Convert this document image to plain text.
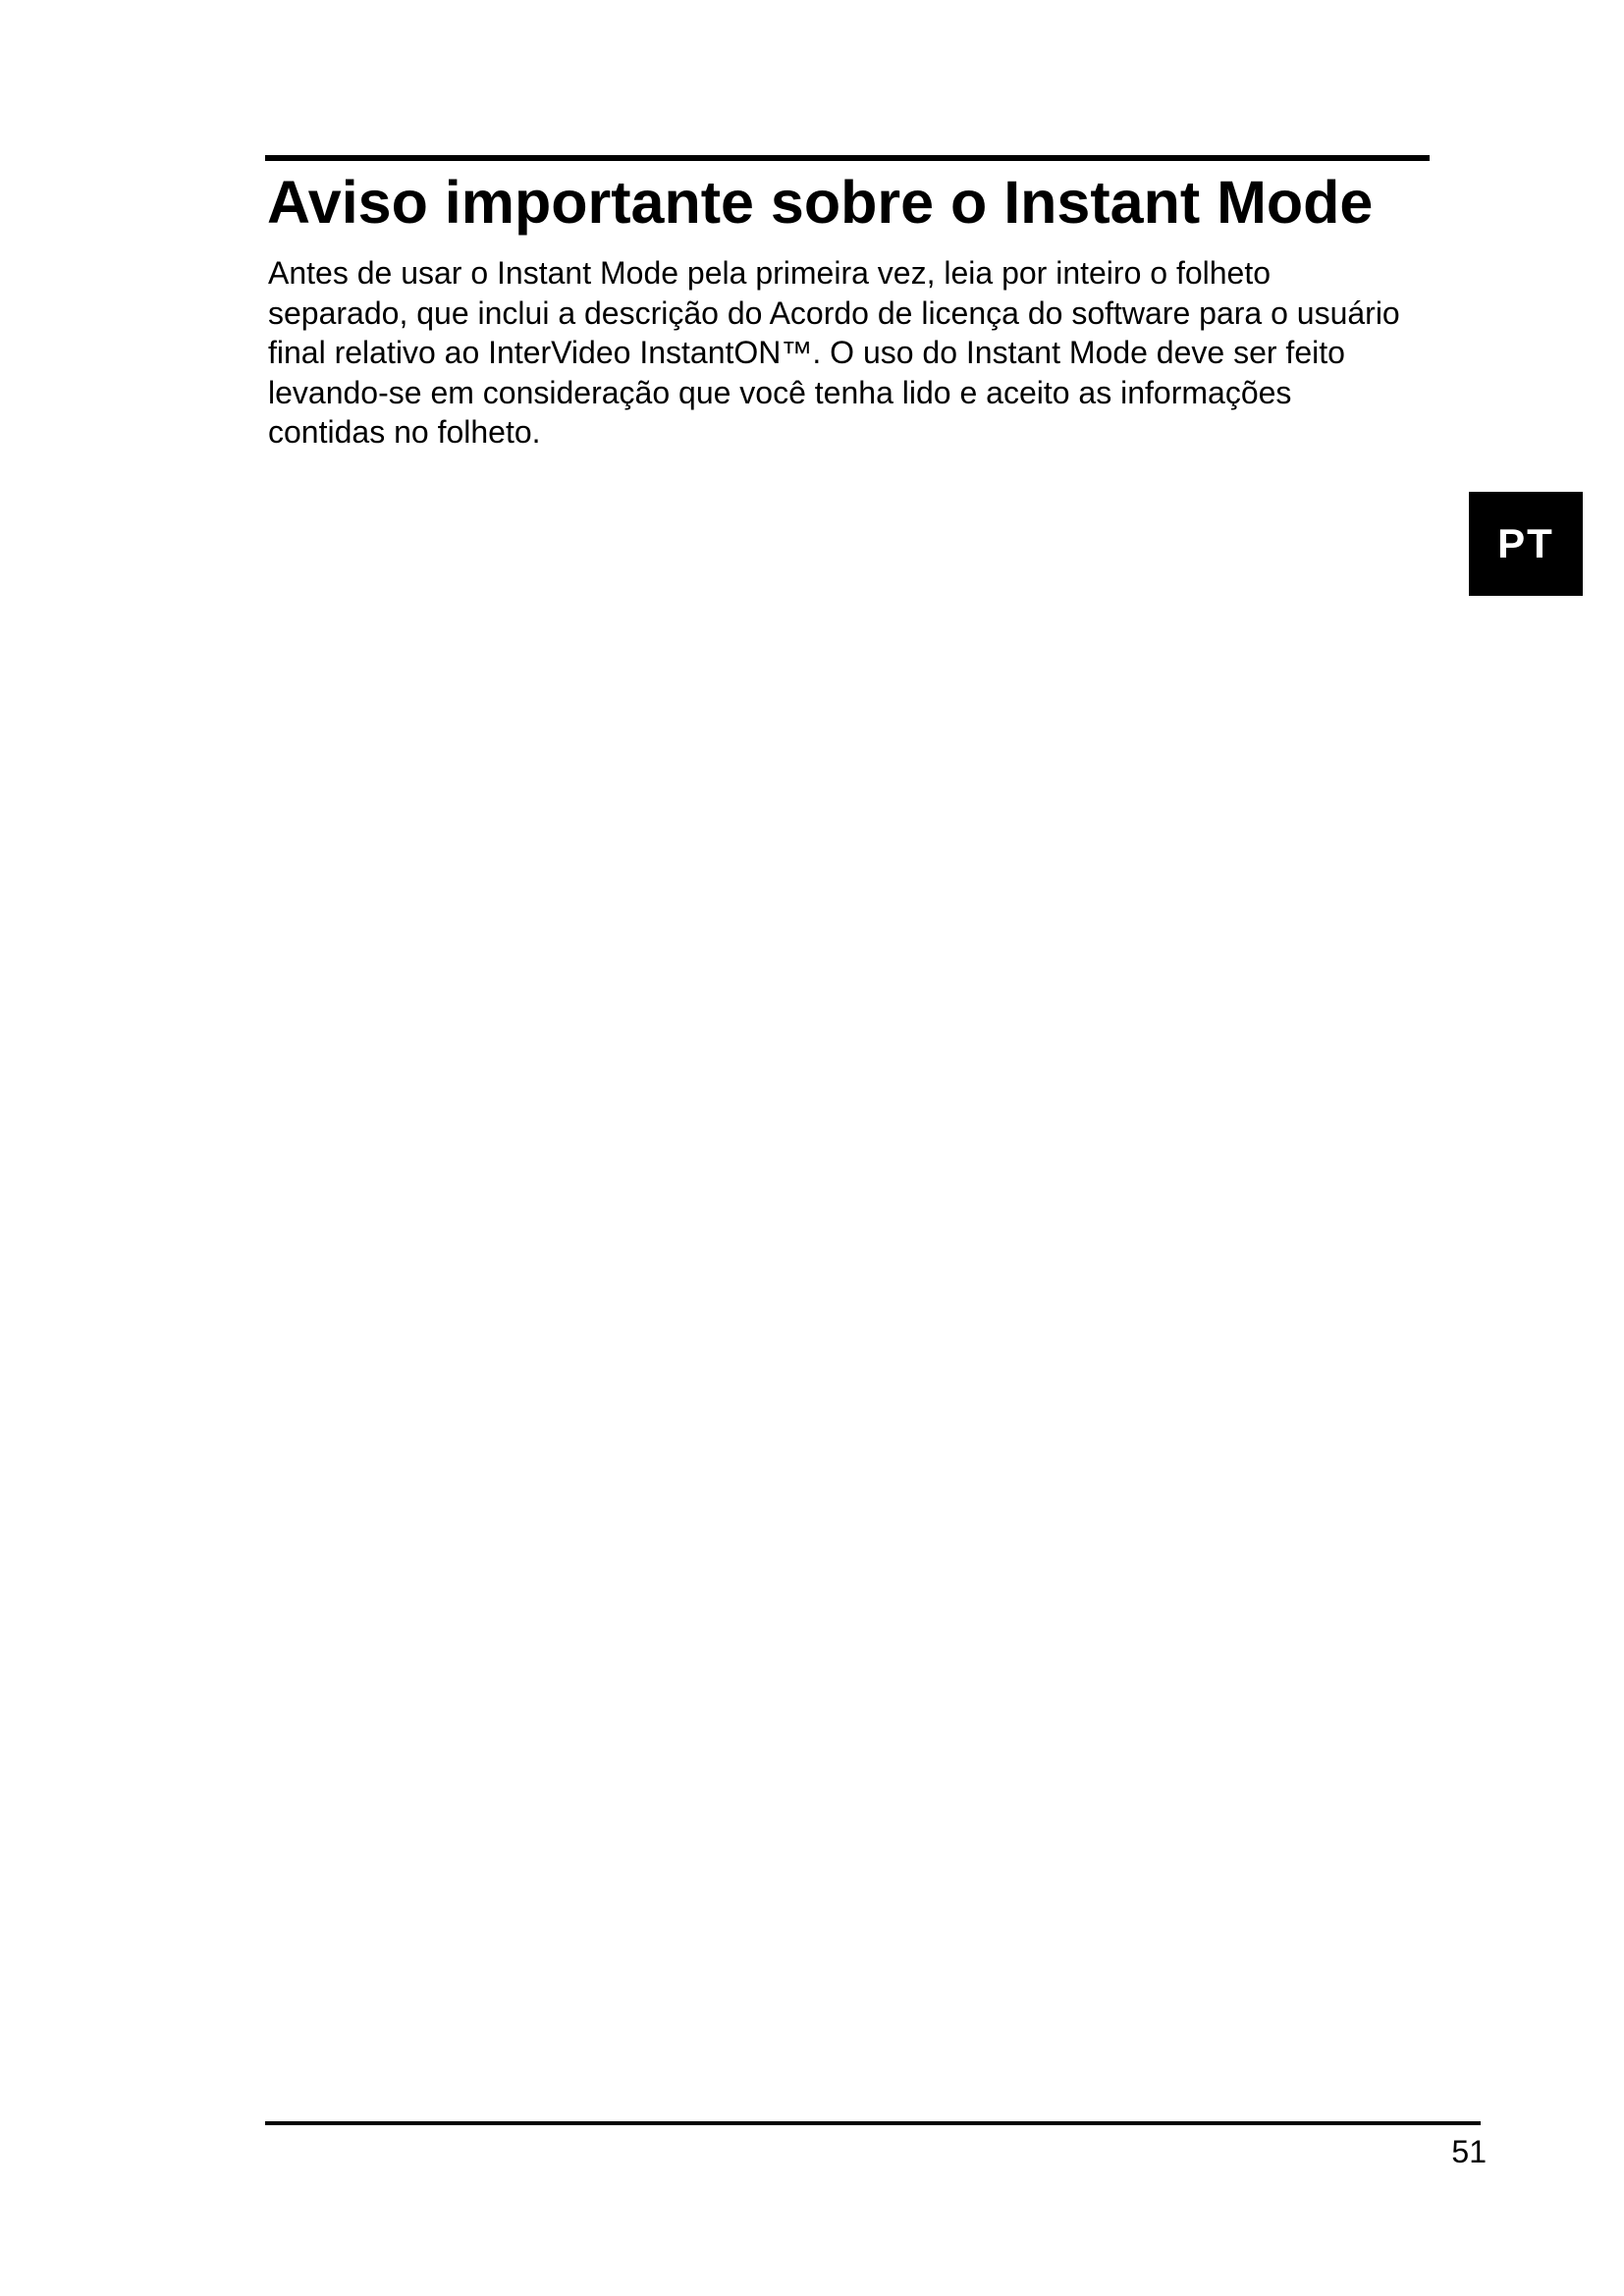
Aviso importante sobre o Instant Mode

Antes de usar o Instant Mode pela primeira vez, leia por inteiro o folheto
separado, que inclui a descrição do Acordo de licença do software para o usuário
final relativo ao InterVideo InstantON™. O uso do Instant Mode deve ser feito
levando-se em consideração que você tenha lido e aceito as informações
contidas no folheto.

PT
51
